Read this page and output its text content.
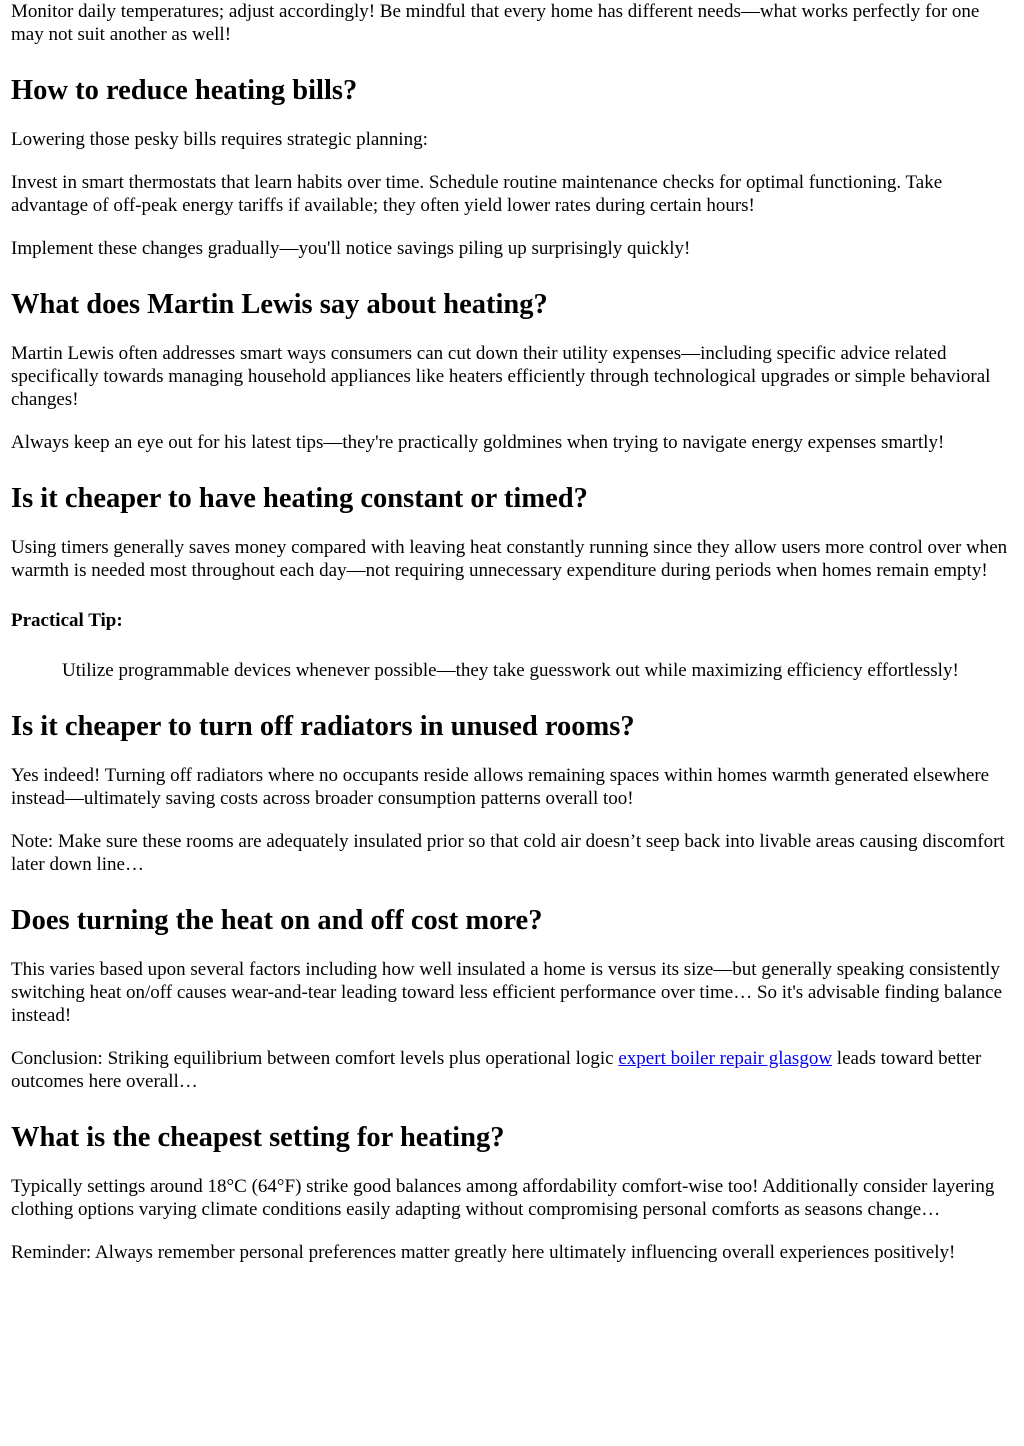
Monitor daily temperatures; adjust accordingly! Be mindful that every home has different needs—what works perfectly for one may not suit another as well!

How to reduce heating bills?

Lowering those pesky bills requires strategic planning:

Invest in smart thermostats that learn habits over time. Schedule routine maintenance checks for optimal functioning. Take advantage of off-peak energy tariffs if available; they often yield lower rates during certain hours!

Implement these changes gradually—you'll notice savings piling up surprisingly quickly!

What does Martin Lewis say about heating?

Martin Lewis often addresses smart ways consumers can cut down their utility expenses—including specific advice related specifically towards managing household appliances like heaters efficiently through technological upgrades or simple behavioral changes!

Always keep an eye out for his latest tips—they're practically goldmines when trying to navigate energy expenses smartly!

Is it cheaper to have heating constant or timed?

Using timers generally saves money compared with leaving heat constantly running since they allow users more control over when warmth is needed most throughout each day—not requiring unnecessary expenditure during periods when homes remain empty!

Practical Tip:
Utilize programmable devices whenever possible—they take guesswork out while maximizing efficiency effortlessly!
Is it cheaper to turn off radiators in unused rooms?

Yes indeed! Turning off radiators where no occupants reside allows remaining spaces within homes warmth generated elsewhere instead—ultimately saving costs across broader consumption patterns overall too!

Note: Make sure these rooms are adequately insulated prior so that cold air doesn’t seep back into livable areas causing discomfort later down line…

Does turning the heat on and off cost more?

This varies based upon several factors including how well insulated a home is versus its size—but generally speaking consistently switching heat on/off causes wear-and-tear leading toward less efficient performance over time… So it's advisable finding balance instead!

Conclusion: Striking equilibrium between comfort levels plus operational logic expert boiler repair glasgow leads toward better outcomes here overall…

What is the cheapest setting for heating?

Typically settings around 18°C (64°F) strike good balances among affordability comfort-wise too! Additionally consider layering clothing options varying climate conditions easily adapting without compromising personal comforts as seasons change…

Reminder: Always remember personal preferences matter greatly here ultimately influencing overall experiences positively!
